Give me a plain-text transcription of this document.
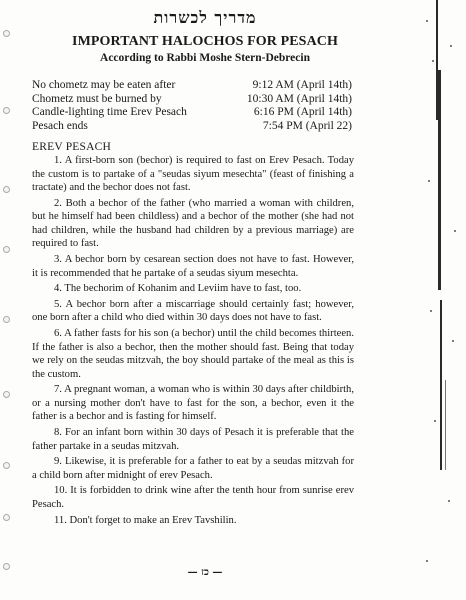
מדריך לכשרות
IMPORTANT HALOCHOS FOR PESACH
According to Rabbi Moshe Stern-Debrecin
No chometz may be eaten after	9:12 AM (April 14th)
Chometz must be burned by	10:30 AM (April 14th)
Candle-lighting time Erev Pesach	6:16 PM (April 14th)
Pesach ends	7:54 PM (April 22)
EREV PESACH

1. A first-born son (bechor) is required to fast on Erev Pesach. Today the custom is to partake of a "seudas siyum mesechta" (feast of finishing a tractate) and the bechor does not fast.

2. Both a bechor of the father (who married a woman with children, but he himself had been childless) and a bechor of the mother (she had not had children, while the husband had children by a previous marriage) are required to fast.

3. A bechor born by cesarean section does not have to fast. However, it is recommended that he partake of a seudas siyum mesechta.

4. The bechorim of Kohanim and Leviim have to fast, too.

5. A bechor born after a miscarriage should certainly fast; however, one born after a child who died within 30 days does not have to fast.

6. A father fasts for his son (a bechor) until the child becomes thirteen. If the father is also a bechor, then the mother should fast. Being that today we rely on the seudas mitzvah, the boy should partake of the meal as this is the custom.

7. A pregnant woman, a woman who is within 30 days after childbirth, or a nursing mother don't have to fast for the son, a bechor, even it the father is a bechor and is fasting for himself.

8. For an infant born within 30 days of Pesach it is preferable that the father partake in a seudas mitzvah.

9. Likewise, it is preferable for a father to eat by a seudas mitzvah for a child born after midnight of erev Pesach.

10. It is forbidden to drink wine after the tenth hour from sunrise erev Pesach.

11. Don't forget to make an Erev Tavshilin.

— כז —
